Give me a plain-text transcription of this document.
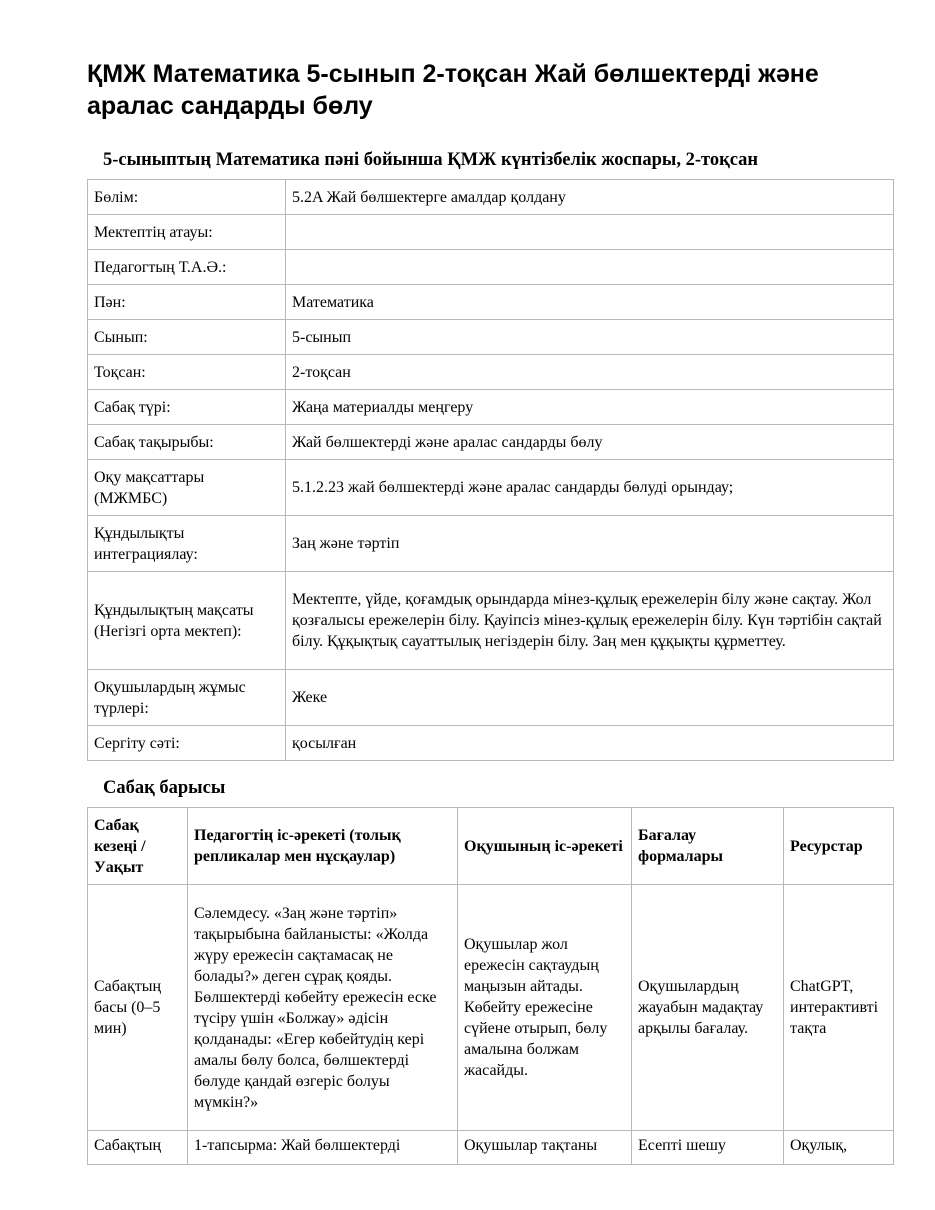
ҚМЖ Математика 5-сынып 2-тоқсан Жай бөлшектерді және аралас сандарды бөлу
5-сыныптың Математика пәні бойынша ҚМЖ күнтізбелік жоспары, 2-тоқсан
Бөлім:	5.2A Жай бөлшектерге амалдар қолдану
Мектептің атауы:	
Педагогтың Т.А.Ә.:	
Пән:	Математика
Сынып:	5-сынып
Тоқсан:	2-тоқсан
Сабақ түрі:	Жаңа материалды меңгеру
Сабақ тақырыбы:	Жай бөлшектерді және аралас сандарды бөлу
Оқу мақсаттары (МЖМБС)	5.1.2.23 жай бөлшектерді және аралас сандарды бөлуді орындау;
Құндылықты интеграциялау:	Заң және тәртіп
Құндылықтың мақсаты (Негізгі орта мектеп):	Мектепте, үйде, қоғамдық орындарда мінез-құлық ережелерін білу және сақтау. Жол қозғалысы ережелерін білу. Қауіпсіз мінез-құлық ережелерін білу. Күн тәртібін сақтай білу. Құқықтық сауаттылық негіздерін білу. Заң мен құқықты құрметтеу.
Оқушылардың жұмыс түрлері:	Жеке
Сергіту сәті:	қосылған
Сабақ барысы
Сабақ кезеңі / Уақыт	Педагогтің іс-әрекеті (толық репликалар мен нұсқаулар)	Оқушының іс-әрекеті	Бағалау формалары	Ресурстар
Сабақтың басы (0–5 мин)	Сәлемдесу. «Заң және тәртіп» тақырыбына байланысты: «Жолда жүру ережесін сақтамасақ не болады?» деген сұрақ қояды. Бөлшектерді көбейту ережесін еске түсіру үшін «Болжау» әдісін қолданады: «Егер көбейтудің кері амалы бөлу болса, бөлшектерді бөлуде қандай өзгеріс болуы мүмкін?»	Оқушылар жол ережесін сақтаудың маңызын айтады. Көбейту ережесіне сүйене отырып, бөлу амалына болжам жасайды.	Оқушылардың жауабын мадақтау арқылы бағалау.	ChatGPT, интерактивті тақта
Сабақтың	1-тапсырма: Жай бөлшектерді	Оқушылар тақтаны	Есепті шешу	Оқулық,
